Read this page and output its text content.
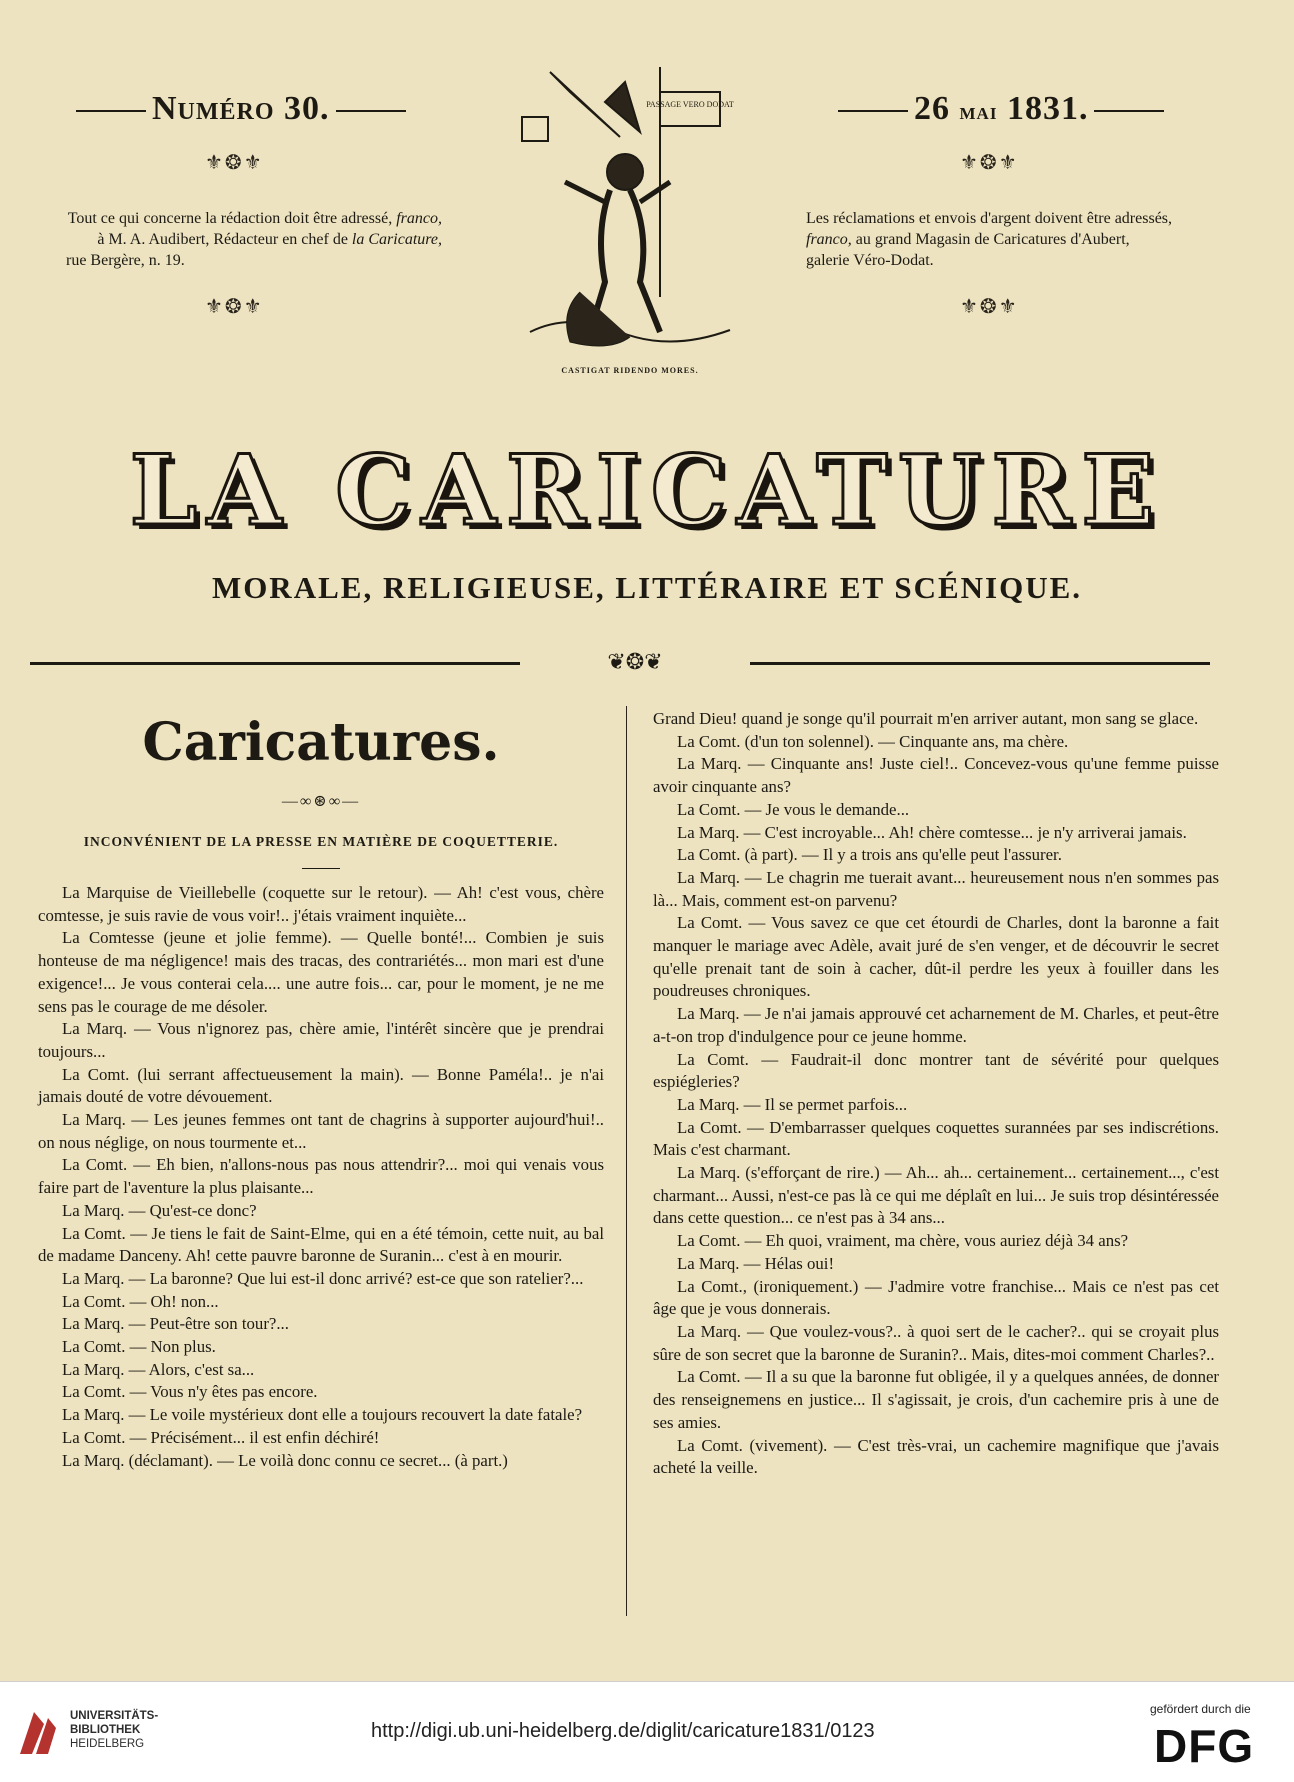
Numéro 30.	26 mai 1831.
⚜❂⚜	⚜❂⚜
⚜❂⚜	⚜❂⚜
Tout ce qui concerne la rédaction doit être adressé, franco,
à M. A. Audibert, Rédacteur en chef de la Caricature,
rue Bergère, n. 19.
Les réclamations et envois d'argent doivent être adressés,
franco, au grand Magasin de Caricatures d'Aubert,
galerie Véro-Dodat.
PASSAGE VERO DODAT
CASTIGAT RIDENDO MORES.
LA CARICATURE
MORALE, RELIGIEUSE, LITTÉRAIRE ET SCÉNIQUE.
❦❂❦
Caricatures.
—∞⊛∞—
INCONVÉNIENT DE LA PRESSE EN MATIÈRE DE COQUETTERIE.

La Marquise de Vieillebelle (coquette sur le retour). — Ah! c'est vous, chère comtesse, je suis ravie de vous voir!.. j'étais vraiment inquiète...

La Comtesse (jeune et jolie femme). — Quelle bonté!... Combien je suis honteuse de ma négligence! mais des tracas, des contrariétés... mon mari est d'une exigence!... Je vous conterai cela.... une autre fois... car, pour le moment, je ne me sens pas le courage de me désoler.

La Marq. — Vous n'ignorez pas, chère amie, l'intérêt sincère que je prendrai toujours...

La Comt. (lui serrant affectueusement la main). — Bonne Paméla!.. je n'ai jamais douté de votre dévouement.

La Marq. — Les jeunes femmes ont tant de chagrins à supporter aujourd'hui!.. on nous néglige, on nous tourmente et...

La Comt. — Eh bien, n'allons-nous pas nous attendrir?... moi qui venais vous faire part de l'aventure la plus plaisante...

La Marq. — Qu'est-ce donc?

La Comt. — Je tiens le fait de Saint-Elme, qui en a été témoin, cette nuit, au bal de madame Danceny. Ah! cette pauvre baronne de Suranin... c'est à en mourir.

La Marq. — La baronne? Que lui est-il donc arrivé? est-ce que son ratelier?...

La Comt. — Oh! non...

La Marq. — Peut-être son tour?...

La Comt. — Non plus.

La Marq. — Alors, c'est sa...

La Comt. — Vous n'y êtes pas encore.

La Marq. — Le voile mystérieux dont elle a toujours recouvert la date fatale?

La Comt. — Précisément... il est enfin déchiré!

La Marq. (déclamant). — Le voilà donc connu ce secret... (à part.)

Grand Dieu! quand je songe qu'il pourrait m'en arriver autant, mon sang se glace.

La Comt. (d'un ton solennel). — Cinquante ans, ma chère.

La Marq. — Cinquante ans! Juste ciel!.. Concevez-vous qu'une femme puisse avoir cinquante ans?

La Comt. — Je vous le demande...

La Marq. — C'est incroyable... Ah! chère comtesse... je n'y arriverai jamais.

La Comt. (à part). — Il y a trois ans qu'elle peut l'assurer.

La Marq. — Le chagrin me tuerait avant... heureusement nous n'en sommes pas là... Mais, comment est-on parvenu?

La Comt. — Vous savez ce que cet étourdi de Charles, dont la baronne a fait manquer le mariage avec Adèle, avait juré de s'en venger, et de découvrir le secret qu'elle prenait tant de soin à cacher, dût-il perdre les yeux à fouiller dans les poudreuses chroniques.

La Marq. — Je n'ai jamais approuvé cet acharnement de M. Charles, et peut-être a-t-on trop d'indulgence pour ce jeune homme.

La Comt. — Faudrait-il donc montrer tant de sévérité pour quelques espiégleries?

La Marq. — Il se permet parfois...

La Comt. — D'embarrasser quelques coquettes surannées par ses indiscrétions. Mais c'est charmant.

La Marq. (s'efforçant de rire.) — Ah... ah... certainement... certainement..., c'est charmant... Aussi, n'est-ce pas là ce qui me déplaît en lui... Je suis trop désintéressée dans cette question... ce n'est pas à 34 ans...

La Comt. — Eh quoi, vraiment, ma chère, vous auriez déjà 34 ans?

La Marq. — Hélas oui!

La Comt., (ironiquement.) — J'admire votre franchise... Mais ce n'est pas cet âge que je vous donnerais.

La Marq. — Que voulez-vous?.. à quoi sert de le cacher?.. qui se croyait plus sûre de son secret que la baronne de Suranin?.. Mais, dites-moi comment Charles?..

La Comt. — Il a su que la baronne fut obligée, il y a quelques années, de donner des renseignemens en justice... Il s'agissait, je crois, d'un cachemire pris à une de ses amies.

La Comt. (vivement). — C'est très-vrai, un cachemire magnifique que j'avais acheté la veille.

UNIVERSITÄTS-
BIBLIOTHEK
HEIDELBERG
http://digi.ub.uni-heidelberg.de/diglit/caricature1831/0123
gefördert durch die
DFG
